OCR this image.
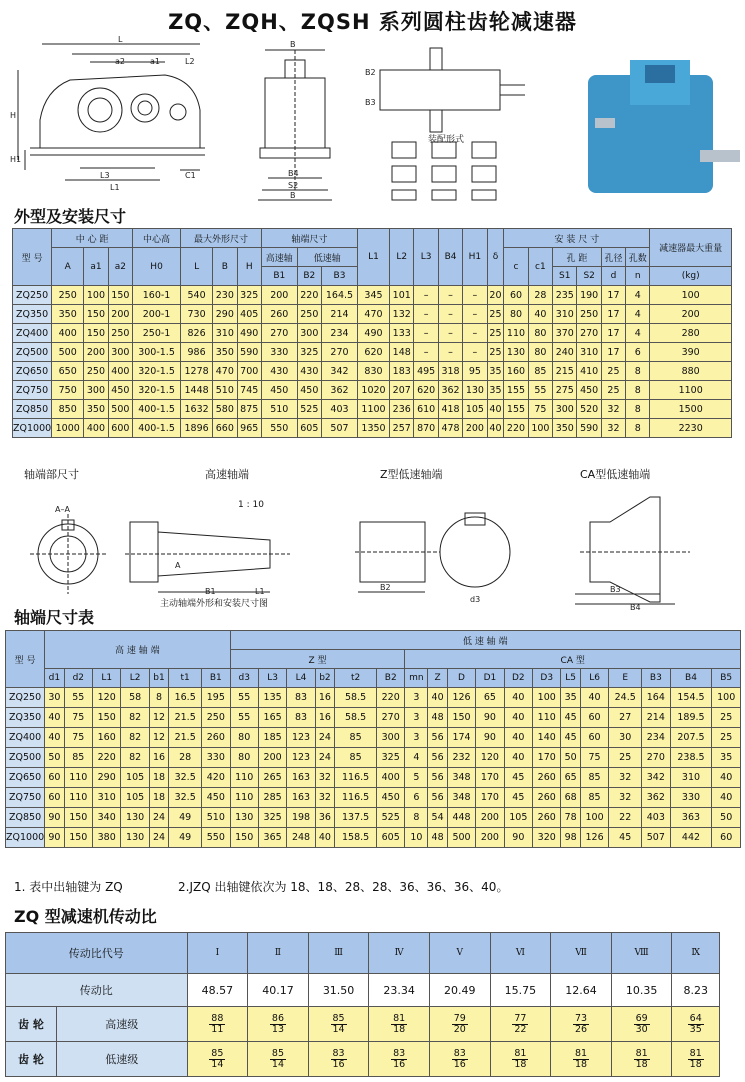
ZQ、ZQH、ZQSH 系列圆柱齿轮减速器
L
a2	a1	L2
H
H1
L3
L1
C1
B
B4
S2
B
B2
B3
装配形式
外型及安装尺寸
型 号	中 心 距			中心高	最大外形尺寸			轴端尺寸			L1	L2	L3	B4	H1	δ	安 装 尺 寸						减速器最大重量
	A	a1	a2	H0	L	B	H	高速轴	低速轴								c	c1	孔 距		孔径	孔数	
								B1	B2	B3									S1	S2	d	n	(kg)
ZQ250	250	100	150	160-1	540	230	325	200	220	164.5	345	101	–	–	–	20	60	28	235	190	17	4	100
ZQ350	350	150	200	200-1	730	290	405	260	250	214	470	132	–	–	–	25	80	40	310	250	17	4	200
ZQ400	400	150	250	250-1	826	310	490	270	300	234	490	133	–	–	–	25	110	80	370	270	17	4	280
ZQ500	500	200	300	300-1.5	986	350	590	330	325	270	620	148	–	–	–	25	130	80	240	310	17	6	390
ZQ650	650	250	400	320-1.5	1278	470	700	430	430	342	830	183	495	318	95	35	160	85	215	410	25	8	880
ZQ750	750	300	450	320-1.5	1448	510	745	450	450	362	1020	207	620	362	130	35	155	55	275	450	25	8	1100
ZQ850	850	350	500	400-1.5	1632	580	875	510	525	403	1100	236	610	418	105	40	155	75	300	520	32	8	1500
ZQ1000	1000	400	600	400-1.5	1896	660	965	550	605	507	1350	257	870	478	200	40	220	100	350	590	32	8	2230
轴端部尺寸	高速轴端	Z型低速轴端	CA型低速轴端
主动轴端外形和安装尺寸图
1 : 10
A–A
A
B1	L1	B2
d3
B3
B4
轴端尺寸表
型 号	高 速 轴 端							低 速 轴 端																	
								Z 型						CA 型											
	d1	d2	L1	L2	b1	t1	B1	d3	L3	L4	b2	t2	B2	mn	Z	D	D1	D2	D3	L5	L6	E	B3	B4	B5
ZQ250	30	55	120	58	8	16.5	195	55	135	83	16	58.5	220	3	40	126	65	40	100	35	40	24.5	164	154.5	100
ZQ350	40	75	150	82	12	21.5	250	55	165	83	16	58.5	270	3	48	150	90	40	110	45	60	27	214	189.5	25
ZQ400	40	75	160	82	12	21.5	260	80	185	123	24	85	300	3	56	174	90	40	140	45	60	30	234	207.5	25
ZQ500	50	85	220	82	16	28	330	80	200	123	24	85	325	4	56	232	120	40	170	50	75	25	270	238.5	35
ZQ650	60	110	290	105	18	32.5	420	110	265	163	32	116.5	400	5	56	348	170	45	260	65	85	32	342	310	40
ZQ750	60	110	310	105	18	32.5	450	110	285	163	32	116.5	450	6	56	348	170	45	260	68	85	32	362	330	40
ZQ850	90	150	340	130	24	49	510	130	325	198	36	137.5	525	8	54	448	200	105	260	78	100	22	403	363	50
ZQ1000	90	150	380	130	24	49	550	150	365	248	40	158.5	605	10	48	500	200	90	320	98	126	45	507	442	60
1. 表中出轴键为 ZQ	2.JZQ 出轴键依次为 18、18、28、28、36、36、36、40。
ZQ 型减速机传动比
传动比代号		Ⅰ	Ⅱ	Ⅲ	Ⅳ	Ⅴ	Ⅵ	Ⅶ	Ⅷ	Ⅸ
传动比		48.57	40.17	31.50	23.34	20.49	15.75	12.64	10.35	8.23
齿 轮	高速级	$\frac{88}{11}$	$\frac{86}{13}$	$\frac{85}{14}$	$\frac{81}{18}$	$\frac{79}{20}$	$\frac{77}{22}$	$\frac{73}{26}$	$\frac{69}{30}$	$\frac{64}{35}$

齿 轮	低速级	$\frac{85}{14}$	$\frac{85}{14}$	$\frac{83}{16}$	$\frac{83}{16}$	$\frac{83}{16}$	$\frac{81}{18}$	$\frac{81}{18}$	$\frac{81}{18}$	$\frac{81}{18}$
